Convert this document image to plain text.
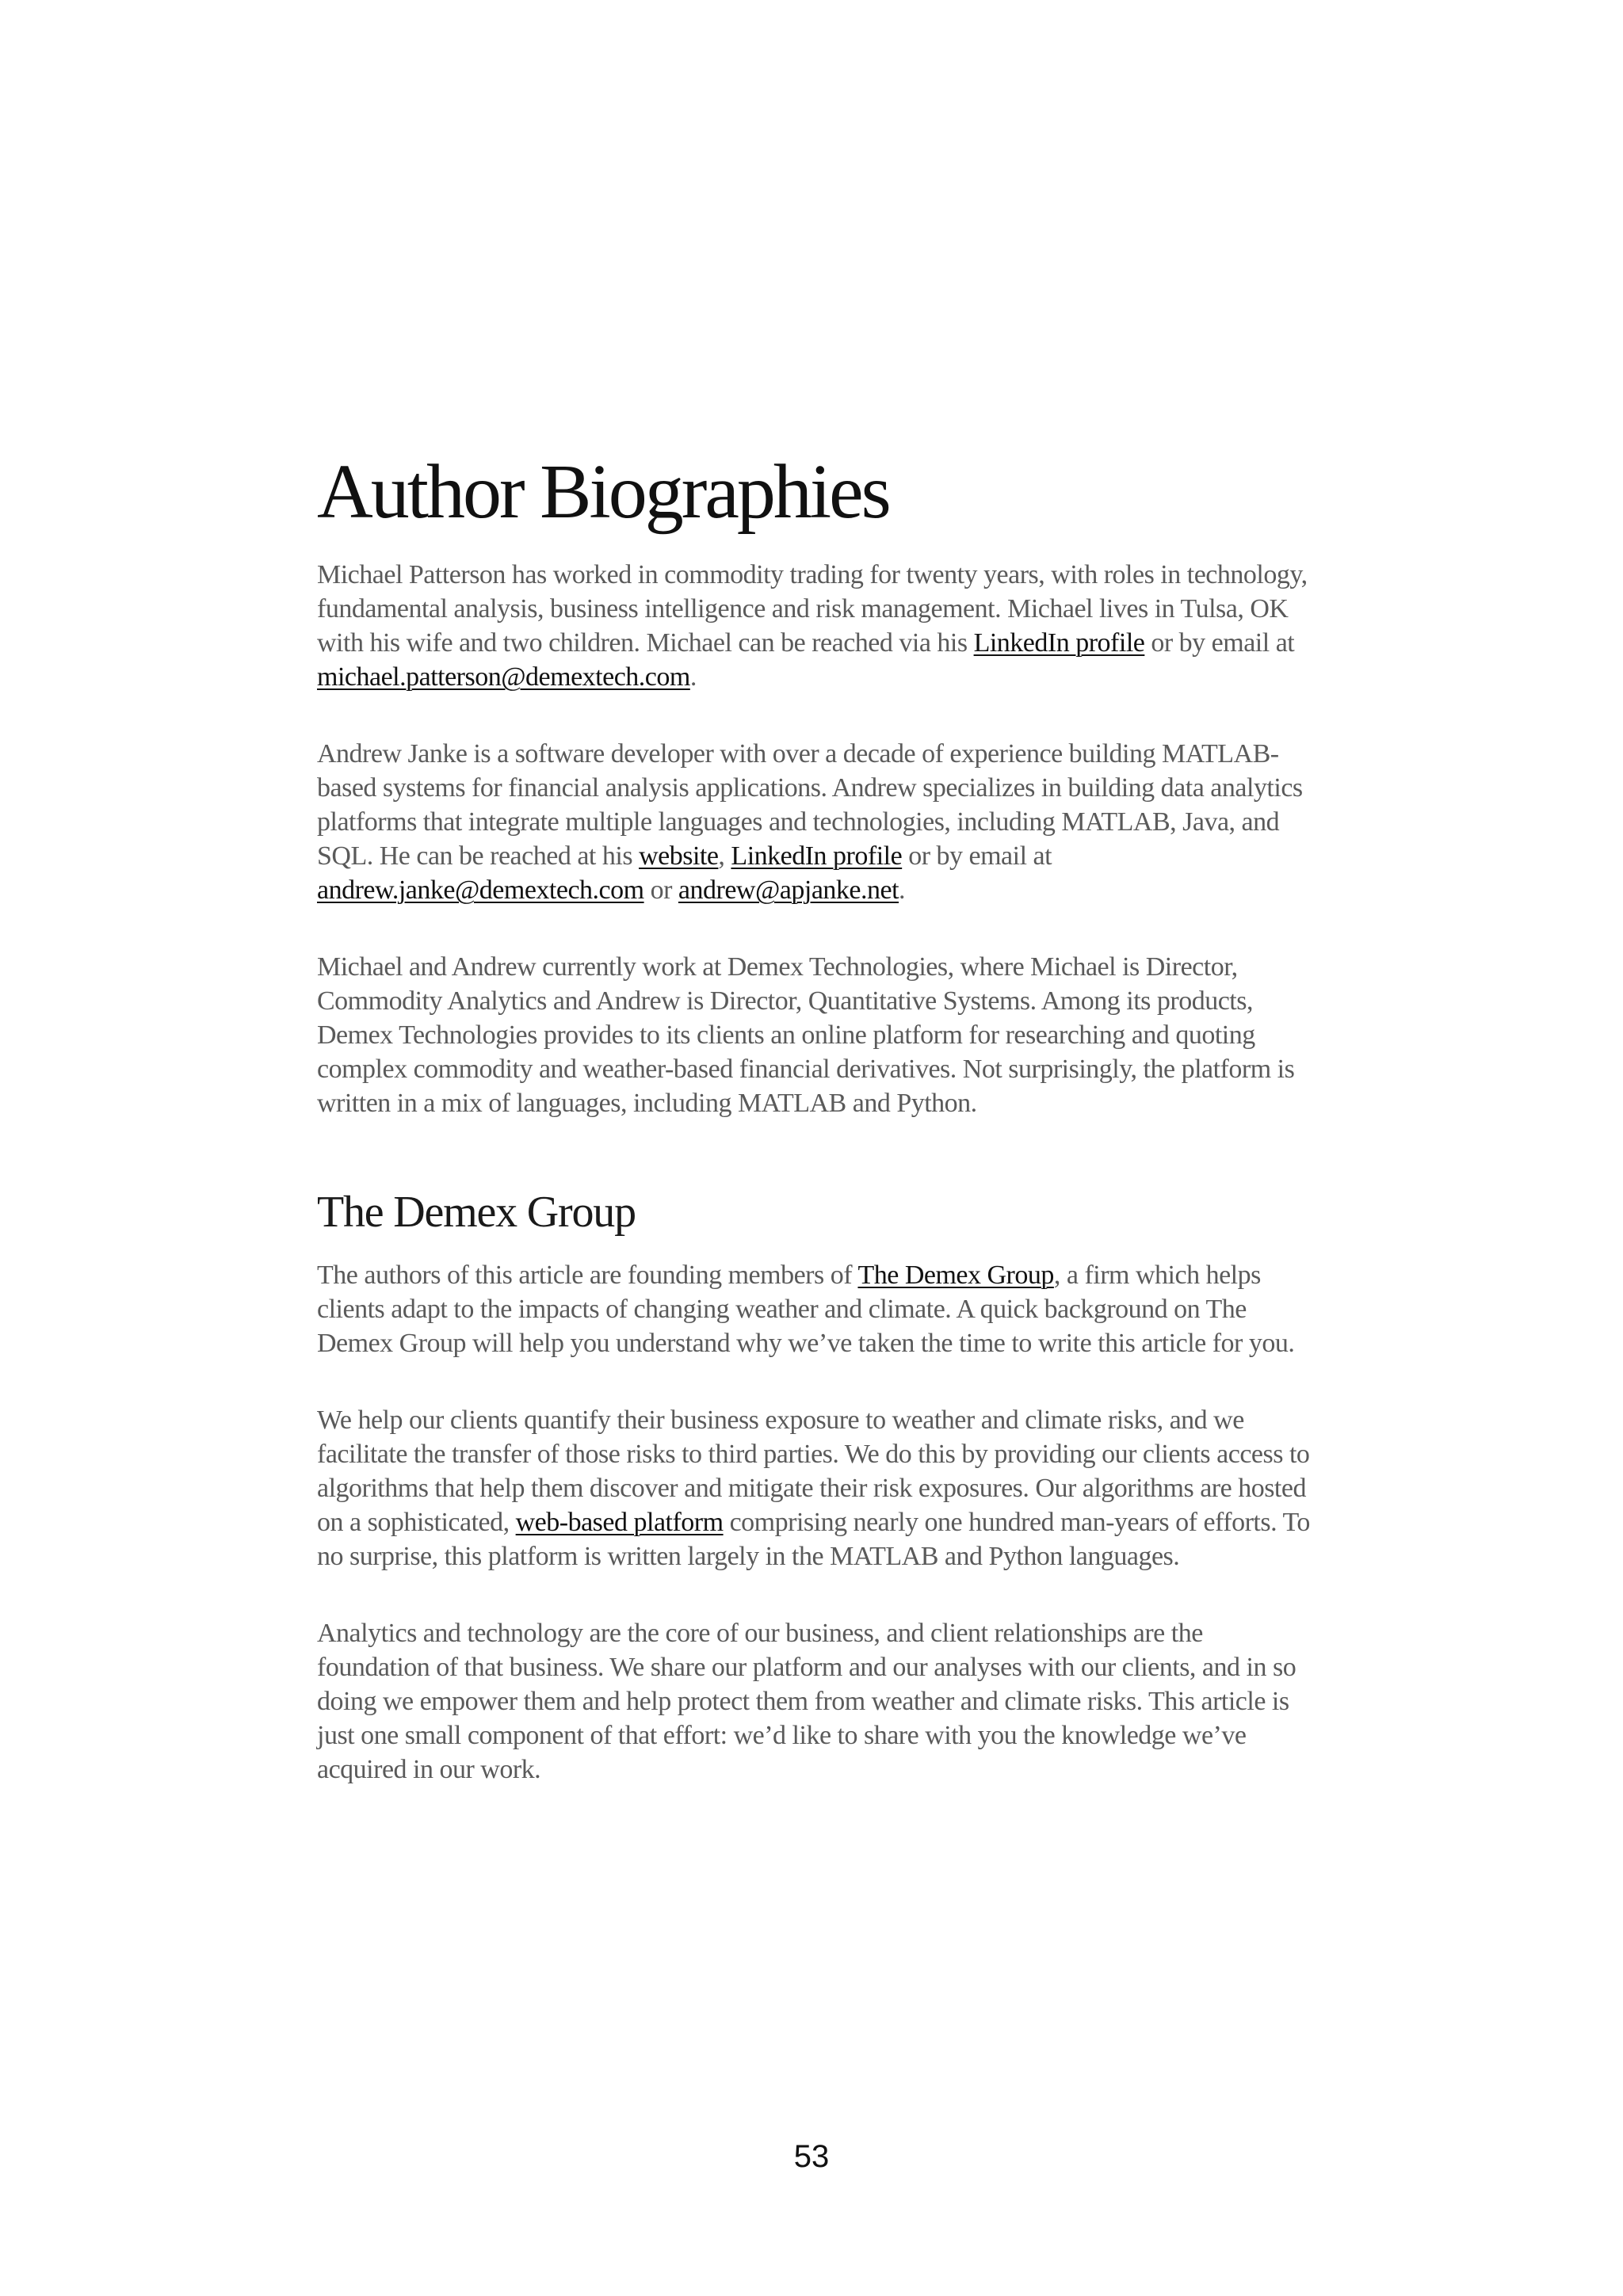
Author Biographies

Michael Patterson has worked in commodity trading for twenty years, with roles in technology, fundamental analysis, business intelligence and risk management. Michael lives in Tulsa, OK with his wife and two children. Michael can be reached via his LinkedIn profile or by email at michael.patterson@demextech.com.

Andrew Janke is a software developer with over a decade of experience building MATLAB-based systems for financial analysis applications. Andrew specializes in building data analytics platforms that integrate multiple languages and technologies, including MATLAB, Java, and SQL. He can be reached at his website, LinkedIn profile or by email at andrew.janke@demextech.com or andrew@apjanke.net.

Michael and Andrew currently work at Demex Technologies, where Michael is Director, Commodity Analytics and Andrew is Director, Quantitative Systems. Among its products, Demex Technologies provides to its clients an online platform for researching and quoting complex commodity and weather-based financial derivatives. Not surprisingly, the platform is written in a mix of languages, including MATLAB and Python.

The Demex Group

The authors of this article are founding members of The Demex Group, a firm which helps clients adapt to the impacts of changing weather and climate. A quick background on The Demex Group will help you understand why we’ve taken the time to write this article for you.

We help our clients quantify their business exposure to weather and climate risks, and we facilitate the transfer of those risks to third parties. We do this by providing our clients access to algorithms that help them discover and mitigate their risk exposures. Our algorithms are hosted on a sophisticated, web-based platform comprising nearly one hundred man-years of efforts. To no surprise, this platform is written largely in the MATLAB and Python languages.

Analytics and technology are the core of our business, and client relationships are the foundation of that business. We share our platform and our analyses with our clients, and in so doing we empower them and help protect them from weather and climate risks. This article is just one small component of that effort: we’d like to share with you the knowledge we’ve acquired in our work.

53
